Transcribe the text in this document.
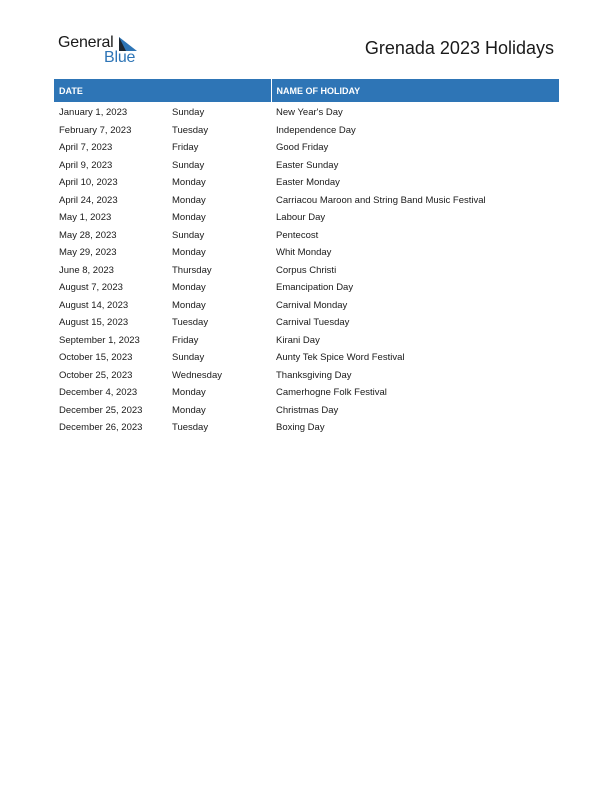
General
Blue	Grenada 2023 Holidays
DATE		NAME OF HOLIDAY
January 1, 2023	Sunday	New Year's Day
February 7, 2023	Tuesday	Independence Day
April 7, 2023	Friday	Good Friday
April 9, 2023	Sunday	Easter Sunday
April 10, 2023	Monday	Easter Monday
April 24, 2023	Monday	Carriacou Maroon and String Band Music Festival
May 1, 2023	Monday	Labour Day
May 28, 2023	Sunday	Pentecost
May 29, 2023	Monday	Whit Monday
June 8, 2023	Thursday	Corpus Christi
August 7, 2023	Monday	Emancipation Day
August 14, 2023	Monday	Carnival Monday
August 15, 2023	Tuesday	Carnival Tuesday
September 1, 2023	Friday	Kirani Day
October 15, 2023	Sunday	Aunty Tek Spice Word Festival
October 25, 2023	Wednesday	Thanksgiving Day
December 4, 2023	Monday	Camerhogne Folk Festival
December 25, 2023	Monday	Christmas Day
December 26, 2023	Tuesday	Boxing Day
